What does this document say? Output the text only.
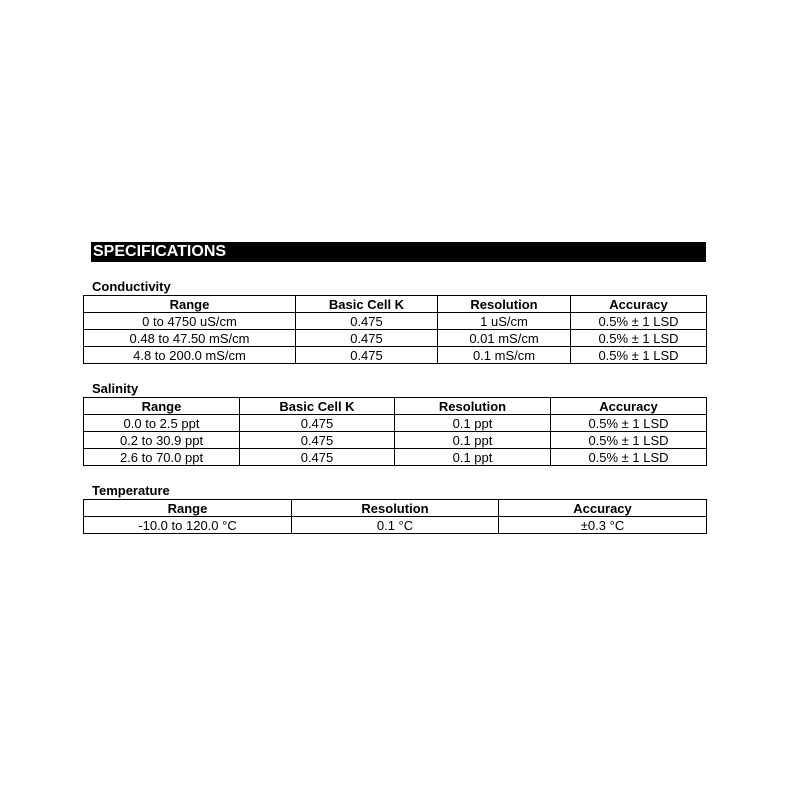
SPECIFICATIONS
Conductivity
Range	Basic Cell K	Resolution	Accuracy
0 to 4750 uS/cm	0.475	1 uS/cm	0.5% ± 1 LSD
0.48 to 47.50 mS/cm	0.475	0.01 mS/cm	0.5% ± 1 LSD
4.8 to 200.0 mS/cm	0.475	0.1 mS/cm	0.5% ± 1 LSD
Salinity
Range	Basic Cell K	Resolution	Accuracy
0.0 to 2.5 ppt	0.475	0.1 ppt	0.5% ± 1 LSD
0.2 to 30.9 ppt	0.475	0.1 ppt	0.5% ± 1 LSD
2.6 to 70.0 ppt	0.475	0.1 ppt	0.5% ± 1 LSD
Temperature
Range	Resolution	Accuracy
-10.0 to 120.0 °C	0.1 °C	±0.3 °C
